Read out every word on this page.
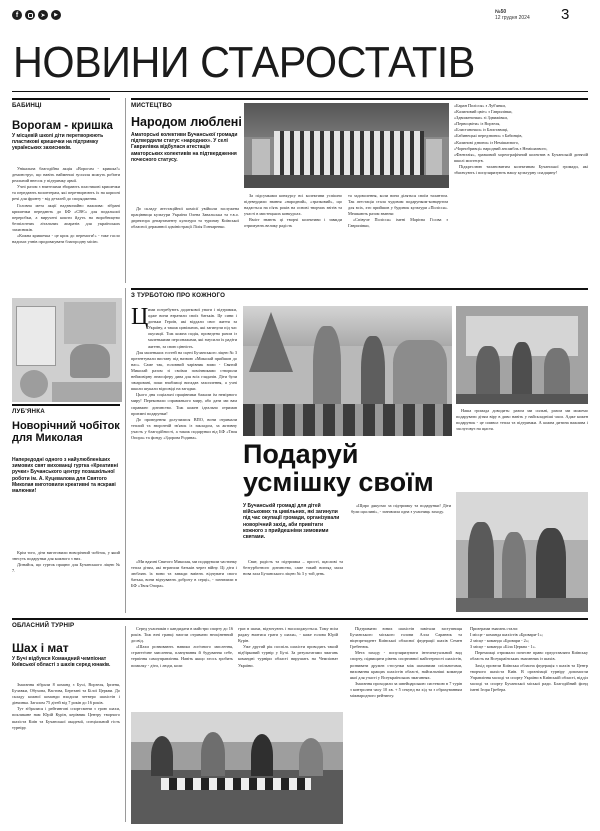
f	➤	▶	№50
12 грудня 2024	3
НОВИНИ СТАРОСТАТІВ
БАБИНЦІ
Ворогам - кришка
У місцевій школі діти перетворюють пластикові кришечки на підтримку українських захисників.

Унікальна благодійна акція «Ворогам - кришка!» демонструє, що навіть найменші зусилля можуть робити реальний внесок у підтримку армії.

Учні разом з вчителями збирають пластикові кришечки та передають волонтерам, які перетворюють їх на корисні речі для фронту - від деталей до спорядження.

Головна мета акції надзвичайно важлива: зібрані кришечки передають до БФ «СВЄ» для подальшої переробки, а виручені кошти йдуть на виробництво безпілотних літальних апаратів для українських захисників.

«Кожна кришечка - це крок до перемоги!» - таке гасло надихає учнів продовжувати благородну місію.

МИСТЕЦТВО
Народом люблені
Аматорські колективи Бучанської громади підтвердили статус «народних». У селі Гаврилівка відбулася атестація аматорських колективів на підтвердження почесного статусу.

До складу атестаційної комісії увійшли заслужена працівниця культури України Олена Завальська та т.в.о. директора департаменту культури та туризму Київської обласної державної адміністрації Лілія Гончаренко.

За підсумками конкурсу всі колективи успішно підтвердили звання «народний», «зразковий», що надається на п'ять років на основі творчих звітів та участі в мистецьких конкурсах.

Вміст знають ці творчі колективи і завжди отримують велику радість

та задоволення, коли вони діляться своїм талантом. Так атестація стала чудовим подарунком-концертом для всіх, хто прийшов у будинок культури «Полісся». Мешкають разом звання:

«Співуче Полісся» імені Марієва Гісова з Гаврилівки,

«Баран Полісся» з Луб'янки,

«Калиновий цвіт» з Гаврилівки,

«Здвиженочки» зі Здвижівки,

«Первоцвіти» із Ворзеля,

«Блистаночки» із Блиставиці,

«Бабинецькі передзвони» з Бабинців,

«Калинові дзвони» із Немішаєвого,

«Чорнобривці» народний ансамбль з Немішаєвого,

«Фантазія», зразковий хореографічний колектив в Бучанській дитячій школі мистецтв.

Підкреслюю талановитим колективам Бучанської громади, які збагачують і популяризують нашу культурну спадщину!

З ТУРБОТОЮ ПРО КОЖНОГО
Ц ими потребують додаткової уваги і підтримки, адже вони втратили своїх батьків. Це сини і доньки Героїв, які віддали своє життя за Україну, а також цивільних, які загинули під час окупації. Тож кожна подія, проведена разом із маленькими персонажами, які змусили їх радіти життю, за свою цінність.

Для маленьких гостей на сцені Бучанського ліцею № 3 презентували виставу під назвою «Миколай прийшов до нас». Саме так, головний чарівник зими - Святий Миколай разом зі своїми помічниками створили неймовірну атмосферу дива для всіх глядачів. Діти були зачаровані, поки вчаблищі вигадав захоплення, а учні школи шукали відповіді на загадки.

Цього дня соціальні працівники бажали їм немірного миру! Переконали справжнього миру, або дати ми вам справжнє дитинство. Тож кожен ідеально отримав приємні подарунки!

До проведення долучилися ВПО, вони отримали теплий та зворотній зв'язок із закладом, за активну участь у благодійності, а також подарунки від БФ «Твоя Опора» та фонду «Здорова Родина».

«Ми вдячні Святого Миколая, ми подарували частинку тепла дітям, які втратили батьків через війну. Ці діти і люблять їх вони та завжди вміють відчувати свого батька, вони відчувають доброту в серці», - зазначили в БФ «Твоя Опора».

Наша громада доводить: разом ми сильні, разом ми можемо подарувати дітям віру в диво навіть у найскладніші часи. Адже кожен подарунок - це символ тепла та підтримки. А кожна дитина важлива і заслуговує на щастя.

Подаруй усмішку своїм
У Бучанській громаді для дітей військових та цивільних, які загинули під час окупації громади, організували новорічний захід, аби привітати кожного з прийдешніми зимовими святами.

Свят, радість та підтримка – прості, щасливі та безтурботного дитинства, саме такий вигляд мала нова зала Бучанського ліцею № 3 у той день.

«Щиро дякуємо за підтримку та подарунки! Діти були щасливі», - зазначила одна з учасниць заходу.

ЛУБ'ЯНКА
Новорічний чобіток для Миколая
Напередодні одного з найулюбленіших зимових свят вихованці гуртка «Креативні ручки» Бучанського центру позашкільної роботи ім. А. Куцевалова для Святого Миколая виготовили креативні та яскраві малюнки!

Крім того, діти виготовили новорічний чобіток, у який знесуть подарунки для кожного з них.

Дізнайся, що гурток працює для Бучанського ліцею № 7.

ОБЛАСНИЙ ТУРНІР
Шах і мат
У Бучі відбувся Командний чемпіонат Київської області з шахів серед юнаків.

Змагання зібрали 8 команд з Бучі, Ворзеля, Ірпеня, Бучавки, Обухова, Вастова, Березані та Білої Церкви. До складу кожної команди входили четверо шахістів і дівчинка. Загалом 75 дітей від 7 років до 16 років.

Тут зібралися і рейтингові спортсмени з грою шахи, покликане нам Юрій Курін, керівник Центру творчого шахіста Київ та Бучанської академії, спеціальний гість турніру.

Серед учасників є кандидати в майстри спорту до 16 років. Тож юні гравці змогли отримати неоціненний досвід.

«Шахи розвивають навики логічного мислення, стратегічне мислення, планування й будування себе, терпіння самоуправління. Навіть якщо хтось зробить помилку - діти, і люди, коли

грає в шахи, відточують і насолоджується. Тому всім раджу вчитися грати у шахи», - каже голова Юрій Курін.

Уже другий рік поспіль шахісти проводять такий відбірковий турнір у Бучі. За результатами змагань командні турніри області вирушать на Чемпіонат України.

Підтримати юних шахістів завітали заступниця Бучанського міського голови Алла Саранюк та віцепрезидент Київської обласної федерації шахів Семен Гребенюк.

Мета заходу - популяризувати інтелектуальний вид спорту, підвищити рівень спортивної майстерності шахістів, розвивати дружнє стосунки між шаховими спільнотами, виховання кращих шахістів області, найсильніші команди якої для участі у Всеукраїнських змаганнях.

Змагання проходили за швейцарською системою в 7 турів з контролем часу 10 хв. + 5 секунд на хід та з обрахуванням міжнародного рейтингу.

Призерами змагань стали:

І місце - команда шахістів «Бровари-1»;

2 місце - команда «Бровари - 2»;

3 місце - команда «Біла Церква - 1».

Переможці отримали почесне право представляти Київську область на Всеукраїнських змаганнях із шахів.

Захід провели Київська обласна федерація з шахів та Центр творчого шахіста Київ. В організації турніру допомогли Управління молоді та спорту України в Київській області, відділ молоді та спорту Бучанської міської ради. Благодійний фонд імені Ігоря Гребера.
